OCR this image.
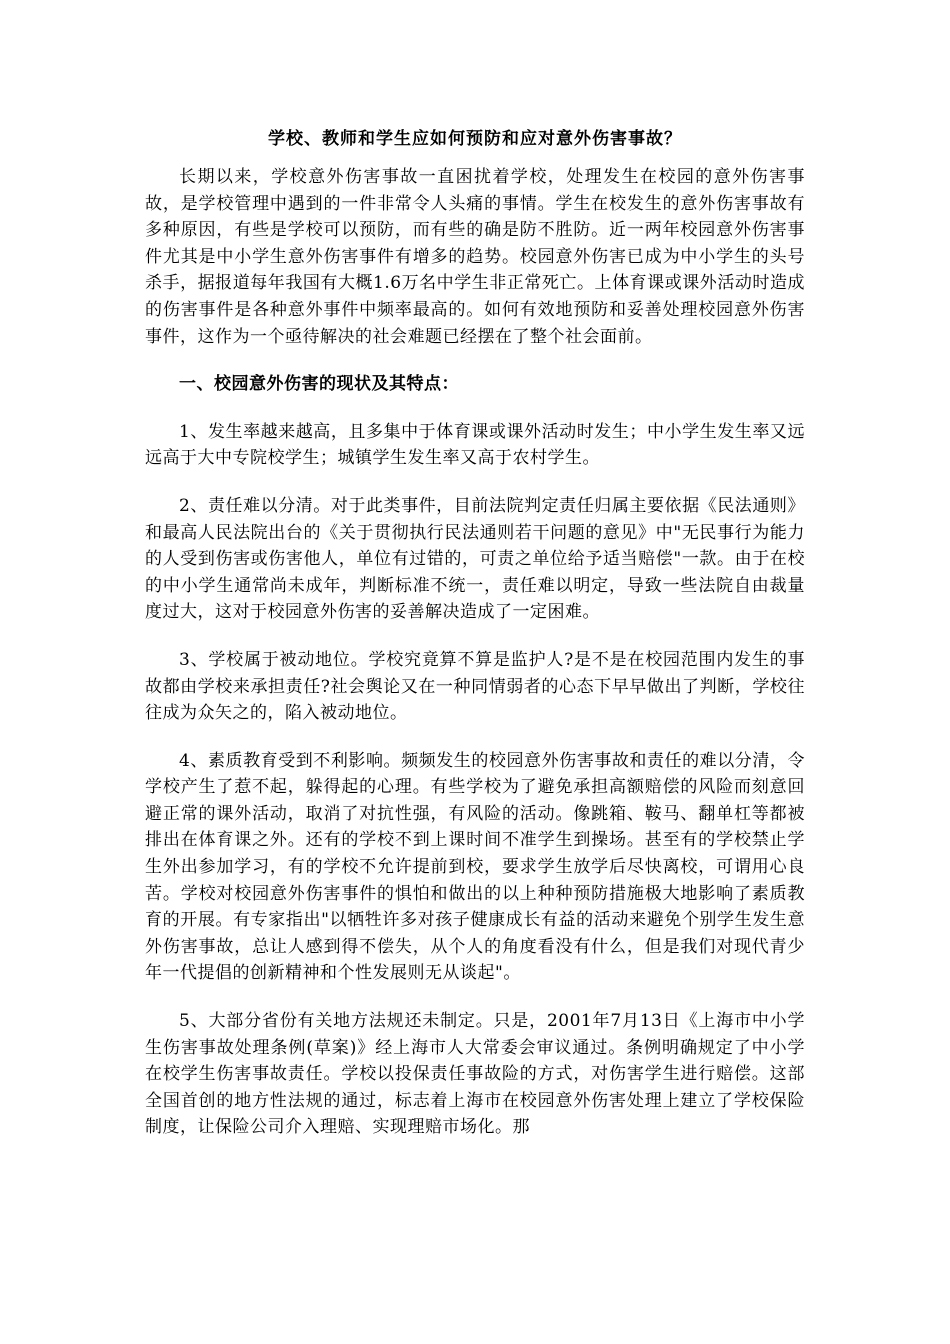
学校、教师和学生应如何预防和应对意外伤害事故？

长期以来，学校意外伤害事故一直困扰着学校，处理发生在校园的意外伤害事故，是学校管理中遇到的一件非常令人头痛的事情。学生在校发生的意外伤害事故有多种原因，有些是学校可以预防，而有些的确是防不胜防。近一两年校园意外伤害事件尤其是中小学生意外伤害事件有增多的趋势。校园意外伤害已成为中小学生的头号杀手，据报道每年我国有大概1.6万名中学生非正常死亡。上体育课或课外活动时造成的伤害事件是各种意外事件中频率最高的。如何有效地预防和妥善处理校园意外伤害事件，这作为一个亟待解决的社会难题已经摆在了整个社会面前。

一、校园意外伤害的现状及其特点：

1、发生率越来越高，且多集中于体育课或课外活动时发生；中小学生发生率又远远高于大中专院校学生；城镇学生发生率又高于农村学生。

2、责任难以分清。对于此类事件，目前法院判定责任归属主要依据《民法通则》和最高人民法院出台的《关于贯彻执行民法通则若干问题的意见》中"无民事行为能力的人受到伤害或伤害他人，单位有过错的，可责之单位给予适当赔偿"一款。由于在校的中小学生通常尚未成年，判断标准不统一，责任难以明定，导致一些法院自由裁量度过大，这对于校园意外伤害的妥善解决造成了一定困难。

3、学校属于被动地位。学校究竟算不算是监护人?是不是在校园范围内发生的事故都由学校来承担责任?社会舆论又在一种同情弱者的心态下早早做出了判断，学校往往成为众矢之的，陷入被动地位。

4、素质教育受到不利影响。频频发生的校园意外伤害事故和责任的难以分清，令学校产生了惹不起，躲得起的心理。有些学校为了避免承担高额赔偿的风险而刻意回避正常的课外活动，取消了对抗性强，有风险的活动。像跳箱、鞍马、翻单杠等都被排出在体育课之外。还有的学校不到上课时间不准学生到操场。甚至有的学校禁止学生外出参加学习，有的学校不允许提前到校，要求学生放学后尽快离校，可谓用心良苦。学校对校园意外伤害事件的惧怕和做出的以上种种预防措施极大地影响了素质教育的开展。有专家指出"以牺牲许多对孩子健康成长有益的活动来避免个别学生发生意外伤害事故，总让人感到得不偿失，从个人的角度看没有什么，但是我们对现代青少年一代提倡的创新精神和个性发展则无从谈起"。

5、大部分省份有关地方法规还未制定。只是，2001年7月13日《上海市中小学生伤害事故处理条例(草案)》经上海市人大常委会审议通过。条例明确规定了中小学在校学生伤害事故责任。学校以投保责任事故险的方式，对伤害学生进行赔偿。这部全国首创的地方性法规的通过，标志着上海市在校园意外伤害处理上建立了学校保险制度，让保险公司介入理赔、实现理赔市场化。那
